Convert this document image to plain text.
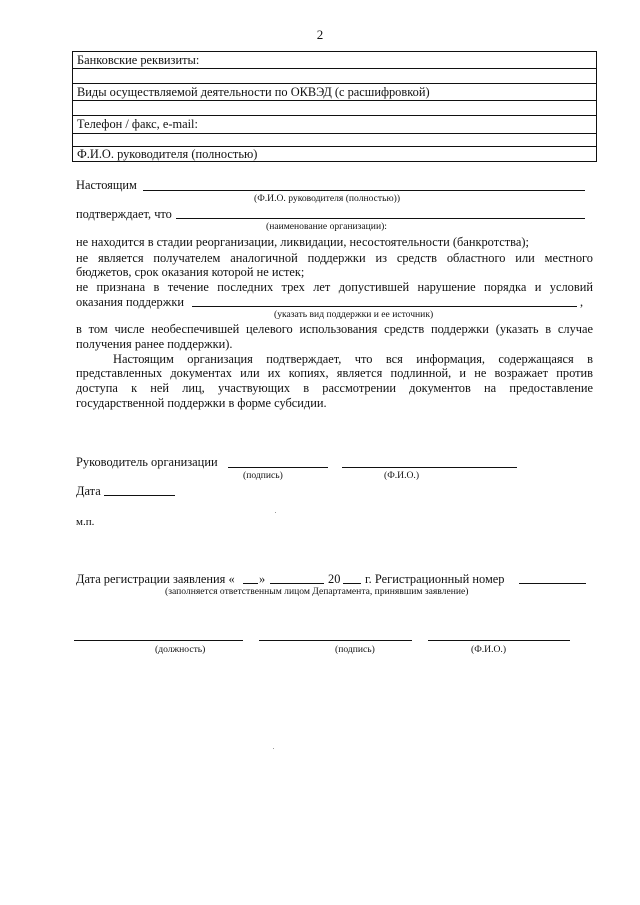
2
Банковские реквизиты:
Виды осуществляемой деятельности по ОКВЭД (с расшифровкой)
Телефон / факс, e-mail:
Ф.И.О. руководителя (полностью)
Настоящим
(Ф.И.О. руководителя (полностью))
подтверждает, что
(наименование организации):
не находится в стадии реорганизации, ликвидации, несостоятельности (банкротства);
не является получателем аналогичной поддержки из средств областного или местного
бюджетов, срок оказания которой не истек;
не признана в течение последних трех лет допустившей нарушение порядка и условий
оказания поддержки	,
(указать вид поддержки и ее источник)
в том числе необеспечившей целевого использования средств поддержки (указать в случае
получения ранее поддержки).
Настоящим организация подтверждает, что вся информация, содержащаяся в
представленных документах или их копиях, является подлинной, и не возражает против
доступа к ней лиц, участвующих в рассмотрении документов на предоставление
государственной поддержки в форме субсидии.
Руководитель организации
(подпись)	(Ф.И.О.)
Дата
м.п.
Дата регистрации заявления « »	20 г. Регистрационный номер
(заполняется ответственным лицом Департамента, принявшим заявление)
(должность)	(подпись)	(Ф.И.О.)
